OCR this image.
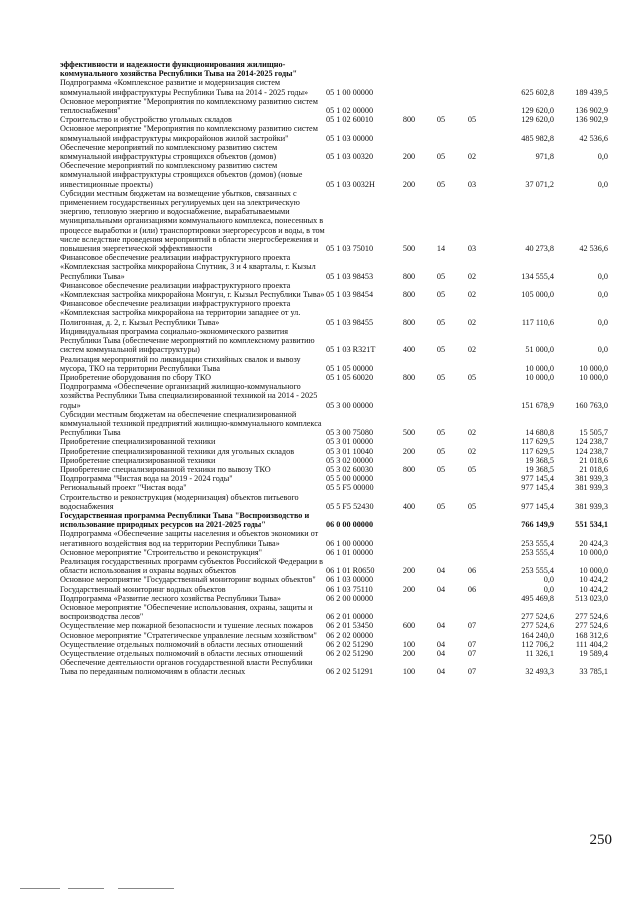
эффективности и надежности функционирования жилищно-коммунального хозяйства Республики Тыва на 2014-2025 годы"						
Подпрограмма «Комплексное развитие и модернизация систем коммунальной инфраструктуры Республики Тыва на 2014 - 2025 годы»	05 1 00 00000				625 602,8	189 439,5
Основное мероприятие "Мероприятия по комплексному развитию систем теплоснабжения"	05 1 02 00000				129 620,0	136 902,9
Строительство и обустройство угольных складов	05 1 02 60010	800	05	05	129 620,0	136 902,9
Основное мероприятие "Мероприятия по комплексному развитию систем коммунальной инфраструктуры микрорайонов жилой застройки"	05 1 03 00000				485 982,8	42 536,6
Обеспечение мероприятий по комплексному развитию систем коммунальной инфраструктуры строящихся объектов (домов)	05 1 03 00320	200	05	02	971,8	0,0
Обеспечение мероприятий по комплексному развитию систем коммунальной инфраструктуры строящихся объектов (домов) (новые инвестиционные проекты)	05 1 03 0032Н	200	05	03	37 071,2	0,0
Субсидии местным бюджетам на возмещение убытков, связанных с применением государственных регулируемых цен на электрическую энергию, тепловую энергию и водоснабжение, вырабатываемыми муниципальными организациями коммунального комплекса, понесенных в процессе выработки и (или) транспортировки энергоресурсов и воды, в том числе вследствие проведения мероприятий в области энергосбережения и повышения энергетической эффективности	05 1 03 75010	500	14	03	40 273,8	42 536,6
Финансовое обеспечение реализации инфраструктурного проекта «Комплексная застройка микрорайона Спутник, 3 и 4 кварталы, г. Кызыл Республики Тыва»	05 1 03 98453	800	05	02	134 555,4	0,0
Финансовое обеспечение реализации инфраструктурного проекта «Комплексная застройка микрорайона Монгун, г. Кызыл Республики Тыва»	05 1 03 98454	800	05	02	105 000,0	0,0
Финансовое обеспечение реализации инфраструктурного проекта «Комплексная застройка микрорайона на территории западнее от ул. Полигонная, д. 2, г. Кызыл Республики Тыва»	05 1 03 98455	800	05	02	117 110,6	0,0
Индивидуальная программа социально-экономического развития Республики Тыва (обеспечение мероприятий по комплексному развитию систем коммунальной инфраструктуры)	05 1 03 R321Т	400	05	02	51 000,0	0,0
Реализация мероприятий по ликвидации стихийных свалок и вывозу мусора, ТКО на территории Республики Тыва	05 1 05 00000				10 000,0	10 000,0
Приобретение оборудования по сбору ТКО	05 1 05 60020	800	05	05	10 000,0	10 000,0
Подпрограмма «Обеспечение организаций жилищно-коммунального хозяйства Республики Тыва специализированной техникой на 2014 - 2025 годы»	05 3 00 00000				151 678,9	160 763,0
Субсидии местным бюджетам на обеспечение специализированной коммунальной техникой предприятий жилищно-коммунального комплекса Республики Тыва	05 3 00 75080	500	05	02	14 680,8	15 505,7
Приобретение специализированной техники	05 3 01 00000				117 629,5	124 238,7
Приобретение специализированной техники для угольных складов	05 3 01 10040	200	05	02	117 629,5	124 238,7
Приобретение специализированной техники	05 3 02 00000				19 368,5	21 018,6
Приобретение специализированной техники по вывозу ТКО	05 3 02 60030	800	05	05	19 368,5	21 018,6
Подпрограмма "Чистая вода на 2019 - 2024 годы"	05 5 00 00000				977 145,4	381 939,3
Региональный проект "Чистая вода"	05 5 F5 00000				977 145,4	381 939,3
Строительство и реконструкция (модернизация) объектов питьевого водоснабжения	05 5 F5 52430	400	05	05	977 145,4	381 939,3
Государственная программа Республики Тыва "Воспроизводство и использование природных ресурсов на 2021-2025 годы"	06 0 00 00000				766 149,9	551 534,1
Подпрограмма «Обеспечение защиты населения и объектов экономики от негативного воздействия вод на территории Республики Тыва»	06 1 00 00000				253 555,4	20 424,3
Основное мероприятие "Строительство и реконструкция"	06 1 01 00000				253 555,4	10 000,0
Реализация государственных программ субъектов Российской Федерации в области использования и охраны водных объектов	06 1 01 R0650	200	04	06	253 555,4	10 000,0
Основное мероприятие "Государственный мониторинг водных объектов"	06 1 03 00000				0,0	10 424,2
Государственный мониторинг водных объектов	06 1 03 75110	200	04	06	0,0	10 424,2
Подпрограмма «Развитие лесного хозяйства Республики Тыва»	06 2 00 00000				495 469,8	513 023,0
Основное мероприятие "Обеспечение использования, охраны, защиты и воспроизводства лесов"	06 2 01 00000				277 524,6	277 524,6
Осуществление мер пожарной безопасности и тушение лесных пожаров	06 2 01 53450	600	04	07	277 524,6	277 524,6
Основное мероприятие "Стратегическое управление лесным хозяйством"	06 2 02 00000				164 240,0	168 312,6
Осуществление отдельных полномочий в области лесных отношений	06 2 02 51290	100	04	07	112 706,2	111 404,2
Осуществление отдельных полномочий в области лесных отношений	06 2 02 51290	200	04	07	11 326,1	19 589,4
Обеспечение деятельности органов государственной власти Республики Тыва по переданным полномочиям в области лесных	06 2 02 51291	100	04	07	32 493,3	33 785,1
250
